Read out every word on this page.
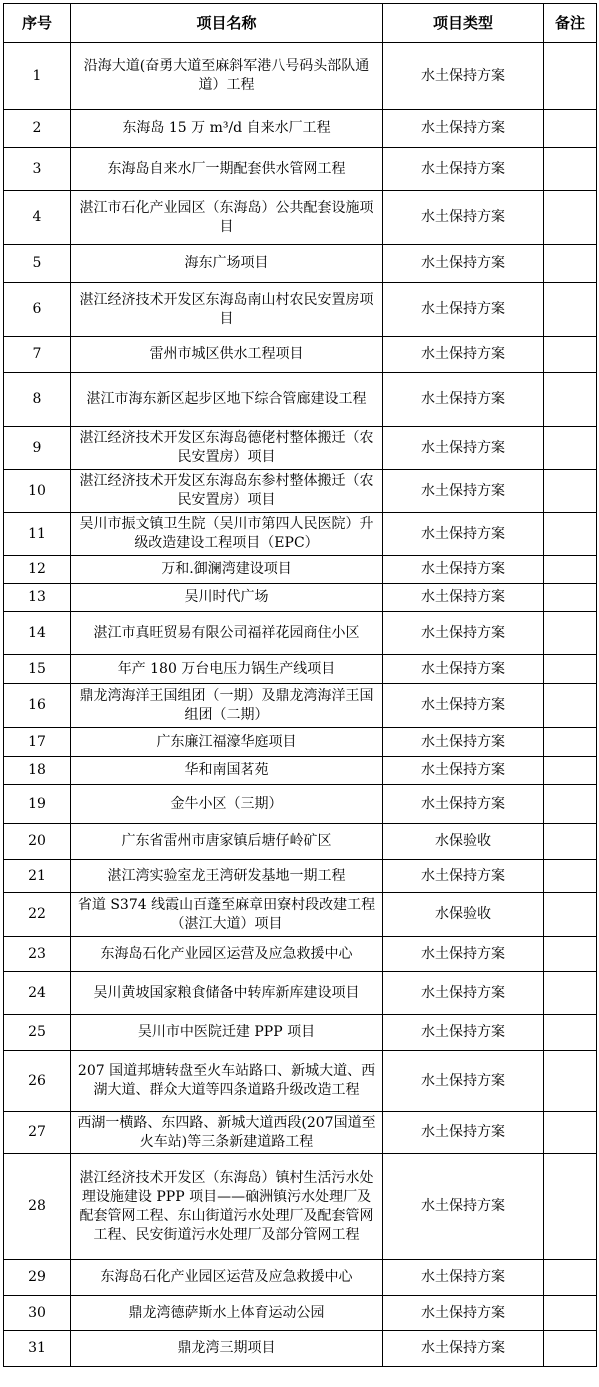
序号	项目名称	项目类型	备注
1	沿海大道(奋勇大道至麻斜军港八号码头部队通道）工程	水土保持方案	
2	东海岛 15 万 m³/d 自来水厂工程	水土保持方案	
3	东海岛自来水厂一期配套供水管网工程	水土保持方案	
4	湛江市石化产业园区（东海岛）公共配套设施项目	水土保持方案	
5	海东广场项目	水土保持方案	
6	湛江经济技术开发区东海岛南山村农民安置房项目	水土保持方案	
7	雷州市城区供水工程项目	水土保持方案	
8	湛江市海东新区起步区地下综合管廊建设工程	水土保持方案	
9	湛江经济技术开发区东海岛德佬村整体搬迁（农民安置房）项目	水土保持方案	
10	湛江经济技术开发区东海岛东参村整体搬迁（农民安置房）项目	水土保持方案	
11	吴川市振文镇卫生院（吴川市第四人民医院）升级改造建设工程项目（EPC）	水土保持方案	
12	万和.御澜湾建设项目	水土保持方案	
13	吴川时代广场	水土保持方案	
14	湛江市真旺贸易有限公司福祥花园商住小区	水土保持方案	
15	年产 180 万台电压力锅生产线项目	水土保持方案	
16	鼎龙湾海洋王国组团（一期）及鼎龙湾海洋王国组团（二期）	水土保持方案	
17	广东廉江福濠华庭项目	水土保持方案	
18	华和南国茗苑	水土保持方案	
19	金牛小区（三期）	水土保持方案	
20	广东省雷州市唐家镇后塘仔岭矿区	水保验收	
21	湛江湾实验室龙王湾研发基地一期工程	水土保持方案	
22	省道 S374 线霞山百蓬至麻章田寮村段改建工程（湛江大道）项目	水保验收	
23	东海岛石化产业园区运营及应急救援中心	水土保持方案	
24	吴川黄坡国家粮食储备中转库新库建设项目	水土保持方案	
25	吴川市中医院迁建 PPP 项目	水土保持方案	
26	207 国道邦塘转盘至火车站路口、新城大道、西湖大道、群众大道等四条道路升级改造工程	水土保持方案	
27	西湖一横路、东四路、新城大道西段(207国道至火车站)等三条新建道路工程	水土保持方案	
28	湛江经济技术开发区（东海岛）镇村生活污水处理设施建设 PPP 项目——硇洲镇污水处理厂及配套管网工程、东山街道污水处理厂及配套管网工程、民安街道污水处理厂及部分管网工程	水土保持方案	
29	东海岛石化产业园区运营及应急救援中心	水土保持方案	
30	鼎龙湾德萨斯水上体育运动公园	水土保持方案	
31	鼎龙湾三期项目	水土保持方案	
